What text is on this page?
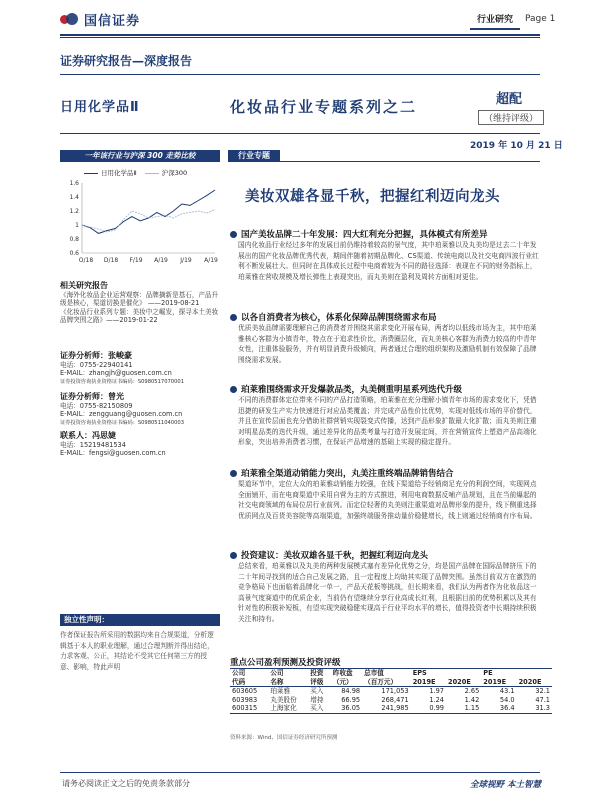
国信证券	行业研究	Page 1
证券研究报告—深度报告
日用化学品Ⅱ	化妆品行业专题系列之二	超配
（维持评级）
2019 年 10 月 21 日
一年该行业与沪深 300 走势比较
日用化学品Ⅱ	沪深300
1.6
1.4
1.2
1
0.8
0.6
O/18 D/18 F/19 A/19 J/19 A/19
行业专题
美妆双雄各显千秋，把握红利迈向龙头
国产美妆品牌二十年发展：四大红利充分把握，具体模式有所差异
国内化妆品行业经过多年的发展目前仍维持着较高的景气度，其中珀莱雅以及丸美均是过去二十年发展出的国产化妆品牌优秀代表，期间伴随着初期品牌化、CS渠道、传统电商以及社交电商四波行业红利不断发展壮大。但同时在具体成长过程中电商着较为不同的路径选择：表现在不同的财务指标上，珀莱雅在营收规模及增长弹性上表现突出，而丸美则在盈利及周转方面相对更佳。
以各自消费者为核心，体系化保障品牌围绕需求布局
优质美妆品牌需要理解自己的消费者并围绕其需求变化开展布局，两者均以低线市场为主，其中珀莱雅核心客群为小镇青年，特点在于追求性价比，消费圈层化，而丸美核心客群为消费力较高的中青年女性，注重体验服务，并有明显消费升级倾向，两者通过合理的组织架构及激励机制有效保障了品牌围绕需求发展。
珀莱雅围绕需求开发爆款品类，丸美侧重明星系列迭代升级
不同的消费群体定位带来不同的产品打造策略，珀莱雅在充分理解小镇青年市场的需求变化下，凭借迅捷的研发生产实力快速进行对应品类覆盖；并完成产品性价比优势，实现对低线市场的平价替代，并且在宣传层面也充分借助社群营销实现裂变式传播，达到产品形象扩散最大化扩散；而丸美则注重对明星品类的迭代升级，通过差异化的品类考量与打造开发展定间，并在营销宣传上塑造产品高端化形象，突出培养消费者习惯，在保证产品增速的基础上实现的稳定提升。
珀莱雅全渠道动销能力突出，丸美注重终端品牌销售结合
渠道环节中，定位大众的珀莱雅动销能力较强，在线下渠道给予经销商足充分的利润空间，实现网点全面铺开，而在电商渠道中采用自营为主的方式推进，利用电商数据反哺产品规划，且在当前爆起的社交电商领域的布局位居行业前列。而定位轻奢的丸美则注重渠道对品牌形象的提升，线下侧重选择优质网点及百货美容院等高端渠道，加强终端服务推动量价稳健增长，线上则通过经销商有序布局。
投资建议：美妆双雄各显千秋，把握红利迈向龙头
总结来看，珀莱雅以及丸美的两种发展模式塞有差异化优势之分，均是国产品牌在国际品牌挤压下的二十年间寻找到的适合自己发展之路，且一定程度上均助其实现了品牌突围。虽然目前双方在激烈的竞争格局下也面临着品牌化一单一，产品天花板等挑战，但长期来看，我们认为两者作为化妆品这一高景气度赛道中的优质企业，当前仍有望继续分享行业高成长红利，且根据目前的优势积累以及其有针对性的积极补短板，有望实现突破稳健实现高于行业平均水平的增长，值得投资者中长期持续积极关注和持有。
相关研究报告
《海外化妆品企业运营观察：品牌摘新是基石，产品升级是核心，渠道切换是催化》 ——2019-08-21
《化妆品行业系列专题：美妆中之崛发，探寻本土美妆品牌突围之路》——2019-01-22
证券分析师：张峻豪
电话：0755-22940141
E-MAIL：zhangjh@guosen.com.cn
证券投资咨询执业资格证书编码：S0980517070001
证券分析师：曾光
电话：0755-82150809
E-MAIL：zengguang@guosen.com.cn
证券投资咨询执业资格证书编码：S0980511040003
联系人：冯思婕
电话：15219481534
E-MAIL：fengsi@guosen.com.cn
独立性声明：
作者保证报告所采用的数据均来自合规渠道，分析逻辑基于本人的职业理解，通过合理判断并得出结论，力求客观、公正，其结论不受其它任何第三方的授意、影响，特此声明	重点公司盈利预测及投资评级
公司	公司	投资	昨收盘	总市值	EPS		PE	
代码	名称	评级	（元）	（百万元）	2019E	2020E	2019E	2020E
603605	珀莱雅	买入	84.98	171,053	1.97	2.65	43.1	32.1
603983	丸美股份	增持	66.95	268,471	1.24	1.42	54.0	47.1
600315	上海家化	买入	36.05	241,985	0.99	1.15	36.4	31.3
资料来源：Wind、国信证券经济研究所预测
请务必阅读正文之后的免责条款部分	全球视野 本土智慧
